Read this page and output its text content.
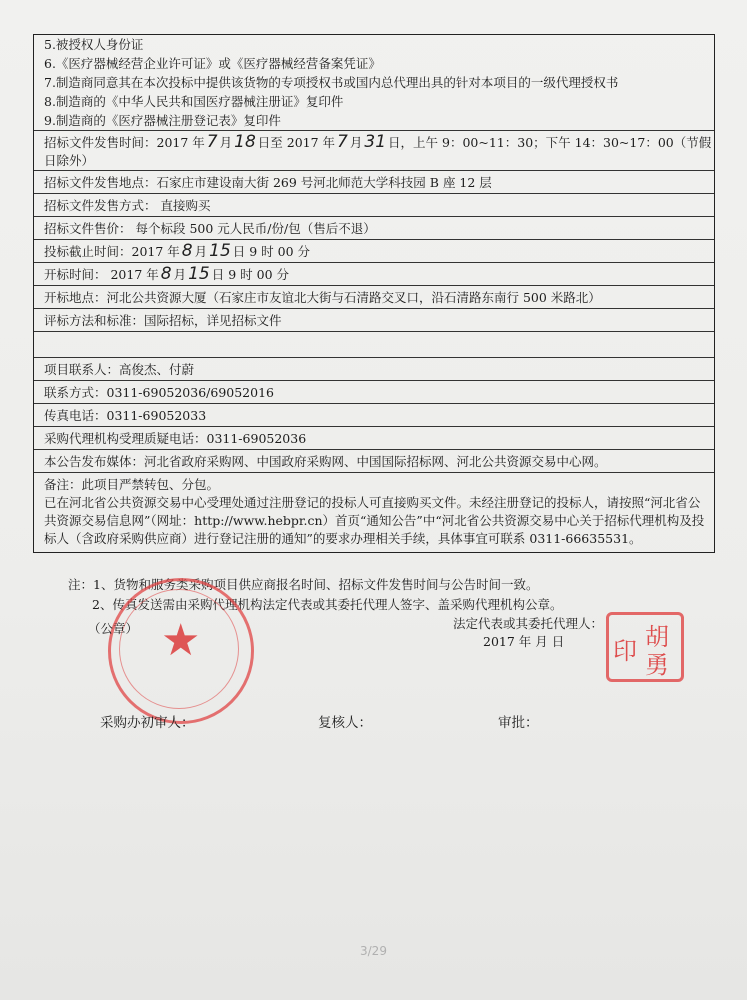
5.被授权人身份证
6.《医疗器械经营企业许可证》或《医疗器械经营备案凭证》
7.制造商同意其在本次投标中提供该货物的专项授权书或国内总代理出具的针对本项目的一级代理授权书
8.制造商的《中华人民共和国医疗器械注册证》复印件
9.制造商的《医疗器械注册登记表》复印件
招标文件发售时间：2017 年 7 月 18 日至 2017 年 7 月 31 日，上午 9：00~11：30；下午 14：30~17：00（节假日除外）
招标文件发售地点：石家庄市建设南大街 269 号河北师范大学科技园 B 座 12 层
招标文件发售方式： 直接购买
招标文件售价： 每个标段 500 元人民币/份/包（售后不退）
投标截止时间：2017 年 8 月 15 日 9 时 00 分
开标时间： 2017 年 8 月 15 日 9 时 00 分
开标地点：河北公共资源大厦（石家庄市友谊北大街与石清路交叉口，沿石清路东南行 500 米路北）
评标方法和标准：国际招标，详见招标文件
项目联系人：高俊杰、付蔚
联系方式：0311-69052036/69052016
传真电话：0311-69052033
采购代理机构受理质疑电话：0311-69052036
本公告发布媒体：河北省政府采购网、中国政府采购网、中国国际招标网、河北公共资源交易中心网。
备注：此项目严禁转包、分包。
已在河北省公共资源交易中心受理处通过注册登记的投标人可直接购买文件。未经注册登记的投标人，请按照“河北省公共资源交易信息网”（网址：http://www.hebpr.cn）首页“通知公告”中“河北省公共资源交易中心关于招标代理机构及投标人（含政府采购供应商）进行登记注册的通知”的要求办理相关手续，具体事宜可联系 0311-66635531。
注：1、货物和服务类采购项目供应商报名时间、招标文件发售时间与公告时间一致。
2、传真发送需由采购代理机构法定代表或其委托代理人签字、盖采购代理机构公章。
★
（公章）	法定代表或其委托代理人：
2017 年 月 日	胡
勇
印
采购办初审人：	复核人：	审批：
3/29
